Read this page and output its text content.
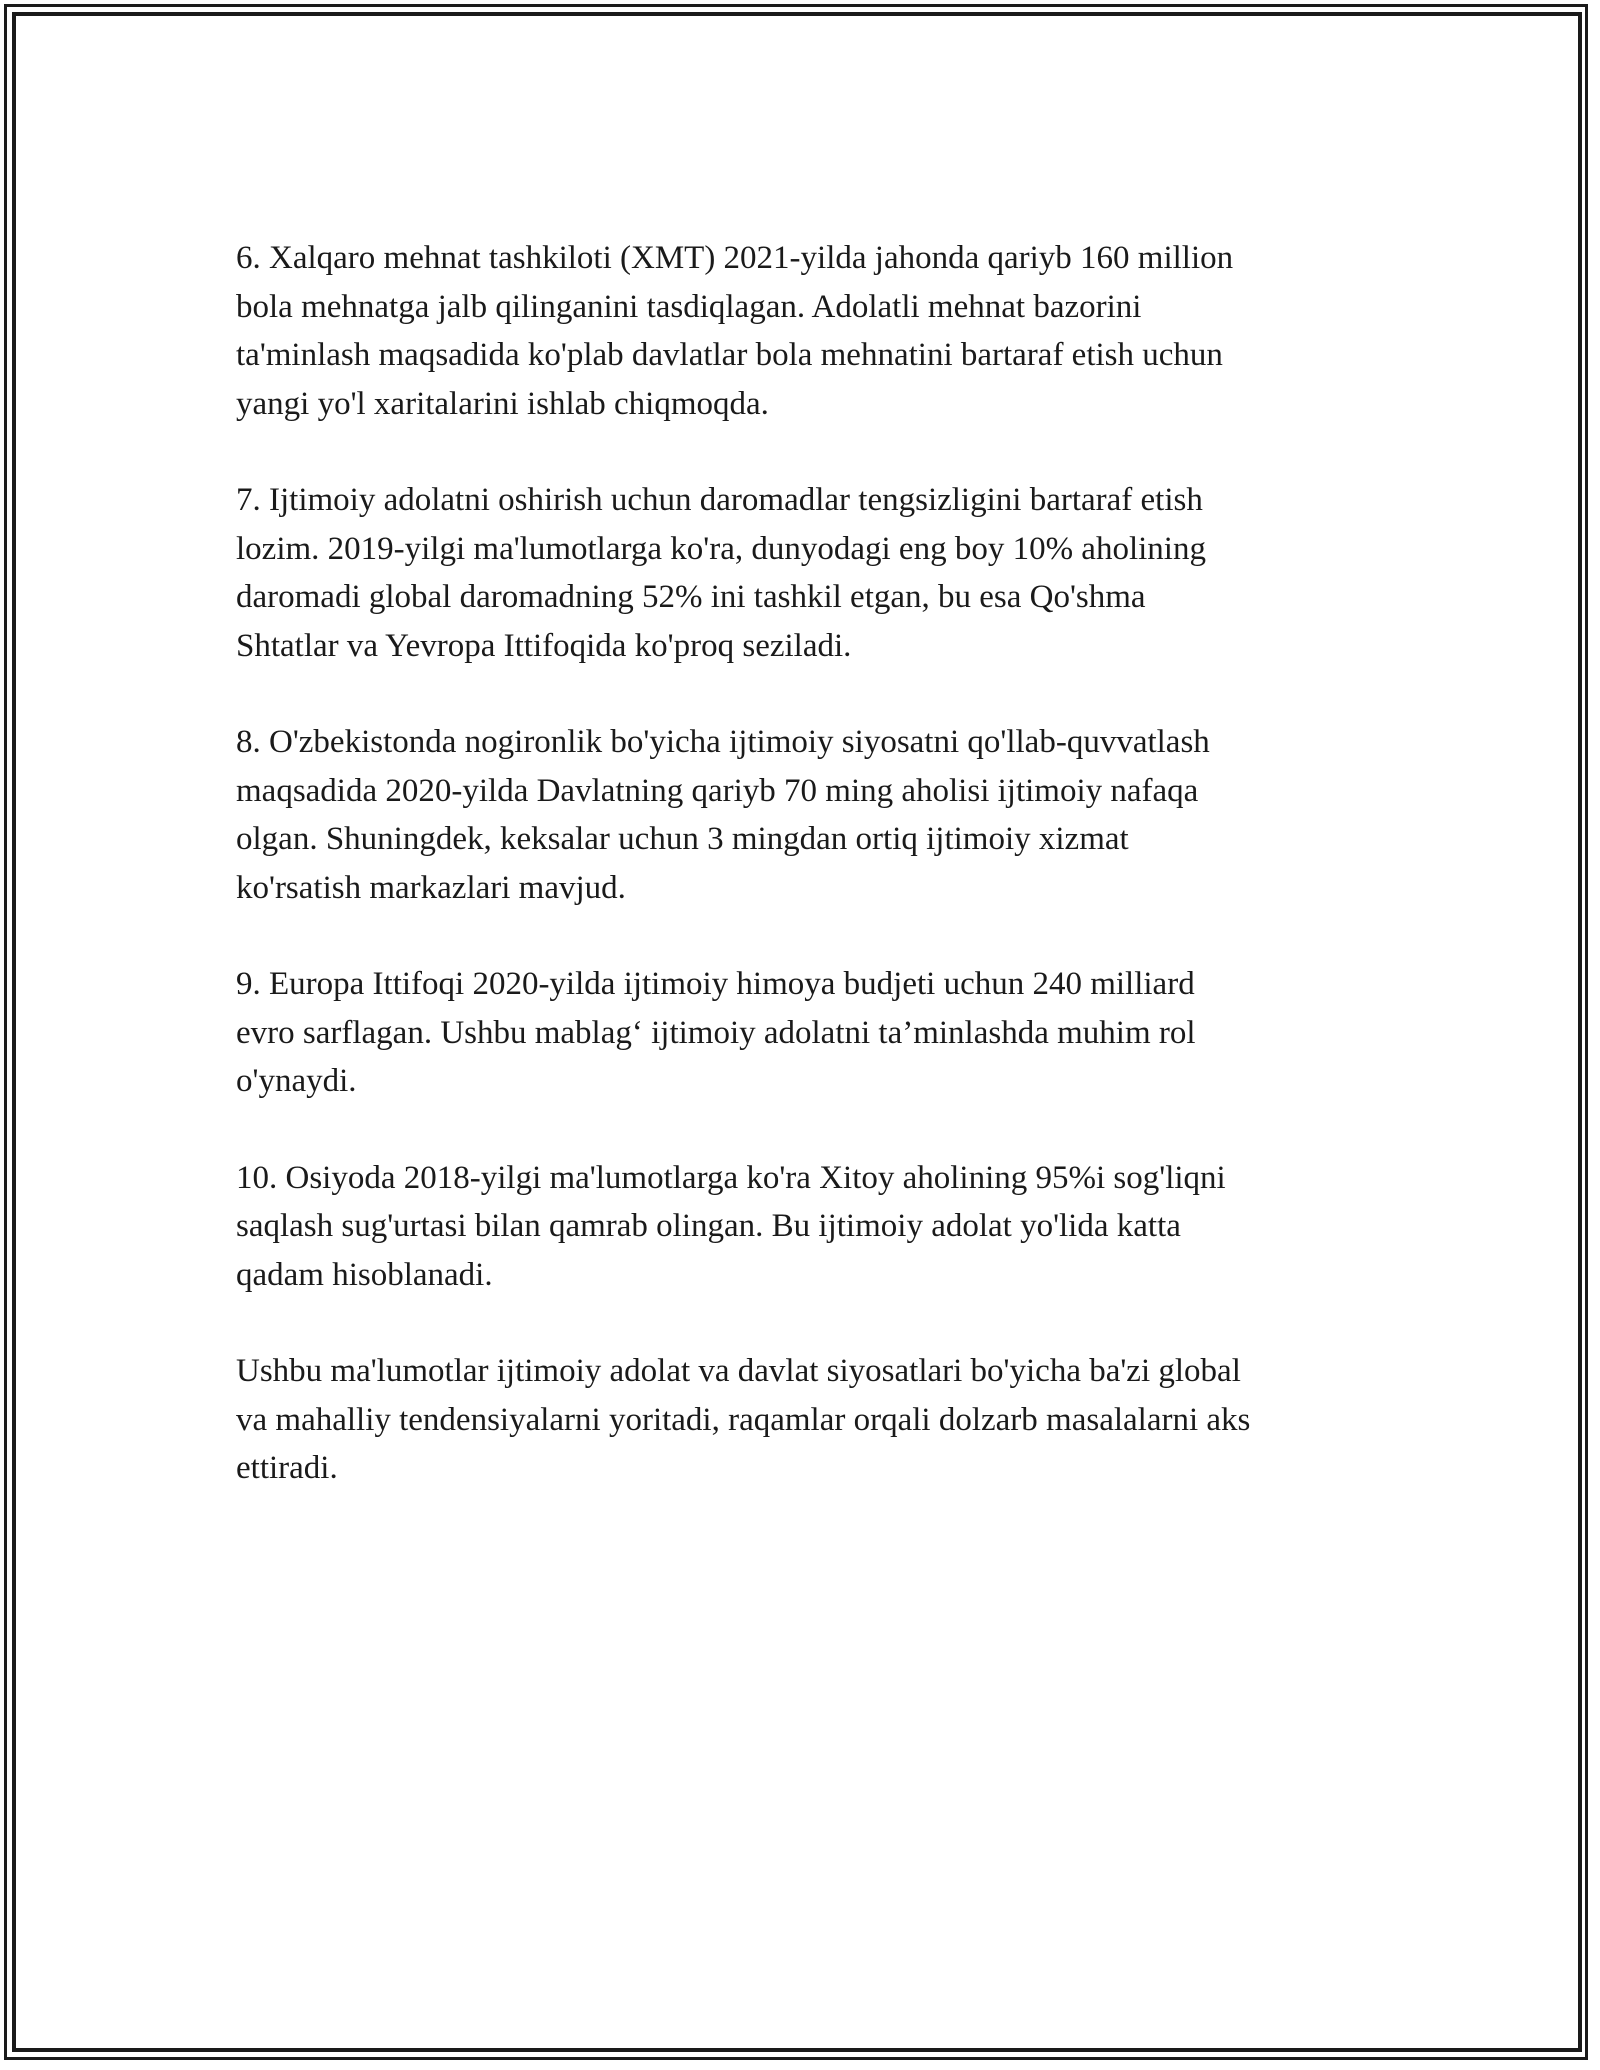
6. Xalqaro mehnat tashkiloti (XMT) 2021-yilda jahonda qariyb 160 million
bola mehnatga jalb qilinganini tasdiqlagan. Adolatli mehnat bazorini
ta'minlash maqsadida ko'plab davlatlar bola mehnatini bartaraf etish uchun
yangi yo'l xaritalarini ishlab chiqmoqda.

7. Ijtimoiy adolatni oshirish uchun daromadlar tengsizligini bartaraf etish
lozim. 2019-yilgi ma'lumotlarga ko'ra, dunyodagi eng boy 10% aholining
daromadi global daromadning 52% ini tashkil etgan, bu esa Qo'shma
Shtatlar va Yevropa Ittifoqida ko'proq seziladi.

8. O'zbekistonda nogironlik bo'yicha ijtimoiy siyosatni qo'llab-quvvatlash
maqsadida 2020-yilda Davlatning qariyb 70 ming aholisi ijtimoiy nafaqa
olgan. Shuningdek, keksalar uchun 3 mingdan ortiq ijtimoiy xizmat
ko'rsatish markazlari mavjud.

9. Europa Ittifoqi 2020-yilda ijtimoiy himoya budjeti uchun 240 milliard
evro sarflagan. Ushbu mablag‘ ijtimoiy adolatni ta’minlashda muhim rol
o'ynaydi.

10. Osiyoda 2018-yilgi ma'lumotlarga ko'ra Xitoy aholining 95%i sog'liqni
saqlash sug'urtasi bilan qamrab olingan. Bu ijtimoiy adolat yo'lida katta
qadam hisoblanadi.

Ushbu ma'lumotlar ijtimoiy adolat va davlat siyosatlari bo'yicha ba'zi global
va mahalliy tendensiyalarni yoritadi, raqamlar orqali dolzarb masalalarni aks
ettiradi.
